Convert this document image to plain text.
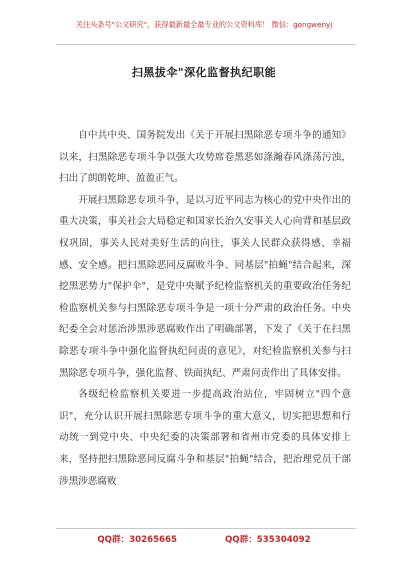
关注头条号"公文研究"，获得最新最全最专业的公文资料库！ 微信：gongwenyj
扫黑拔伞"深化监督执纪职能

自中共中央、国务院发出《关于开展扫黑除恶专项斗争的通知》以来，扫黑除恶专项斗争以强大攻势席卷黑恶如涤瀚春风涤荡污浊，扫出了朗朗乾坤、盈盈正气。

开展扫黑除恶专项斗争，是以习近平同志为核心的党中央作出的重大决策，事关社会大局稳定和国家长治久安事关人心向背和基层政权巩固，事关人民对美好生活的向往，事关人民群众获得感、幸福感、安全感。把扫黑除恶同反腐败斗争、同基层"拍蝇"结合起来，深挖黑恶势力"保护伞"，是党中央赋予纪检监察机关的重要政治任务纪检监察机关参与扫黑除恶专项斗争是一项十分严肃的政治任务。中央纪委全会对惩治涉黑涉恶腐败作出了明确部署，下发了《关于在扫黑除恶专项斗争中强化监督执纪问责的意见》，对纪检监察机关参与扫黑除恶专项斗争，强化监督、铁面执纪、严肃问责作出了具体安排。

各级纪检监察机关要进一步提高政治站位，牢固树立"四个意识"，充分认识开展扫黑除恶专项斗争的重大意义，切实把思想和行动统一到党中央、中央纪委的决策部署和省州市党委的具体安排上来，坚持把扫黑除恶同反腐斗争和基层"拍蝇"结合，把治理党员干部涉黑涉恶腐败

QQ群：30265665	QQ群：535304092
